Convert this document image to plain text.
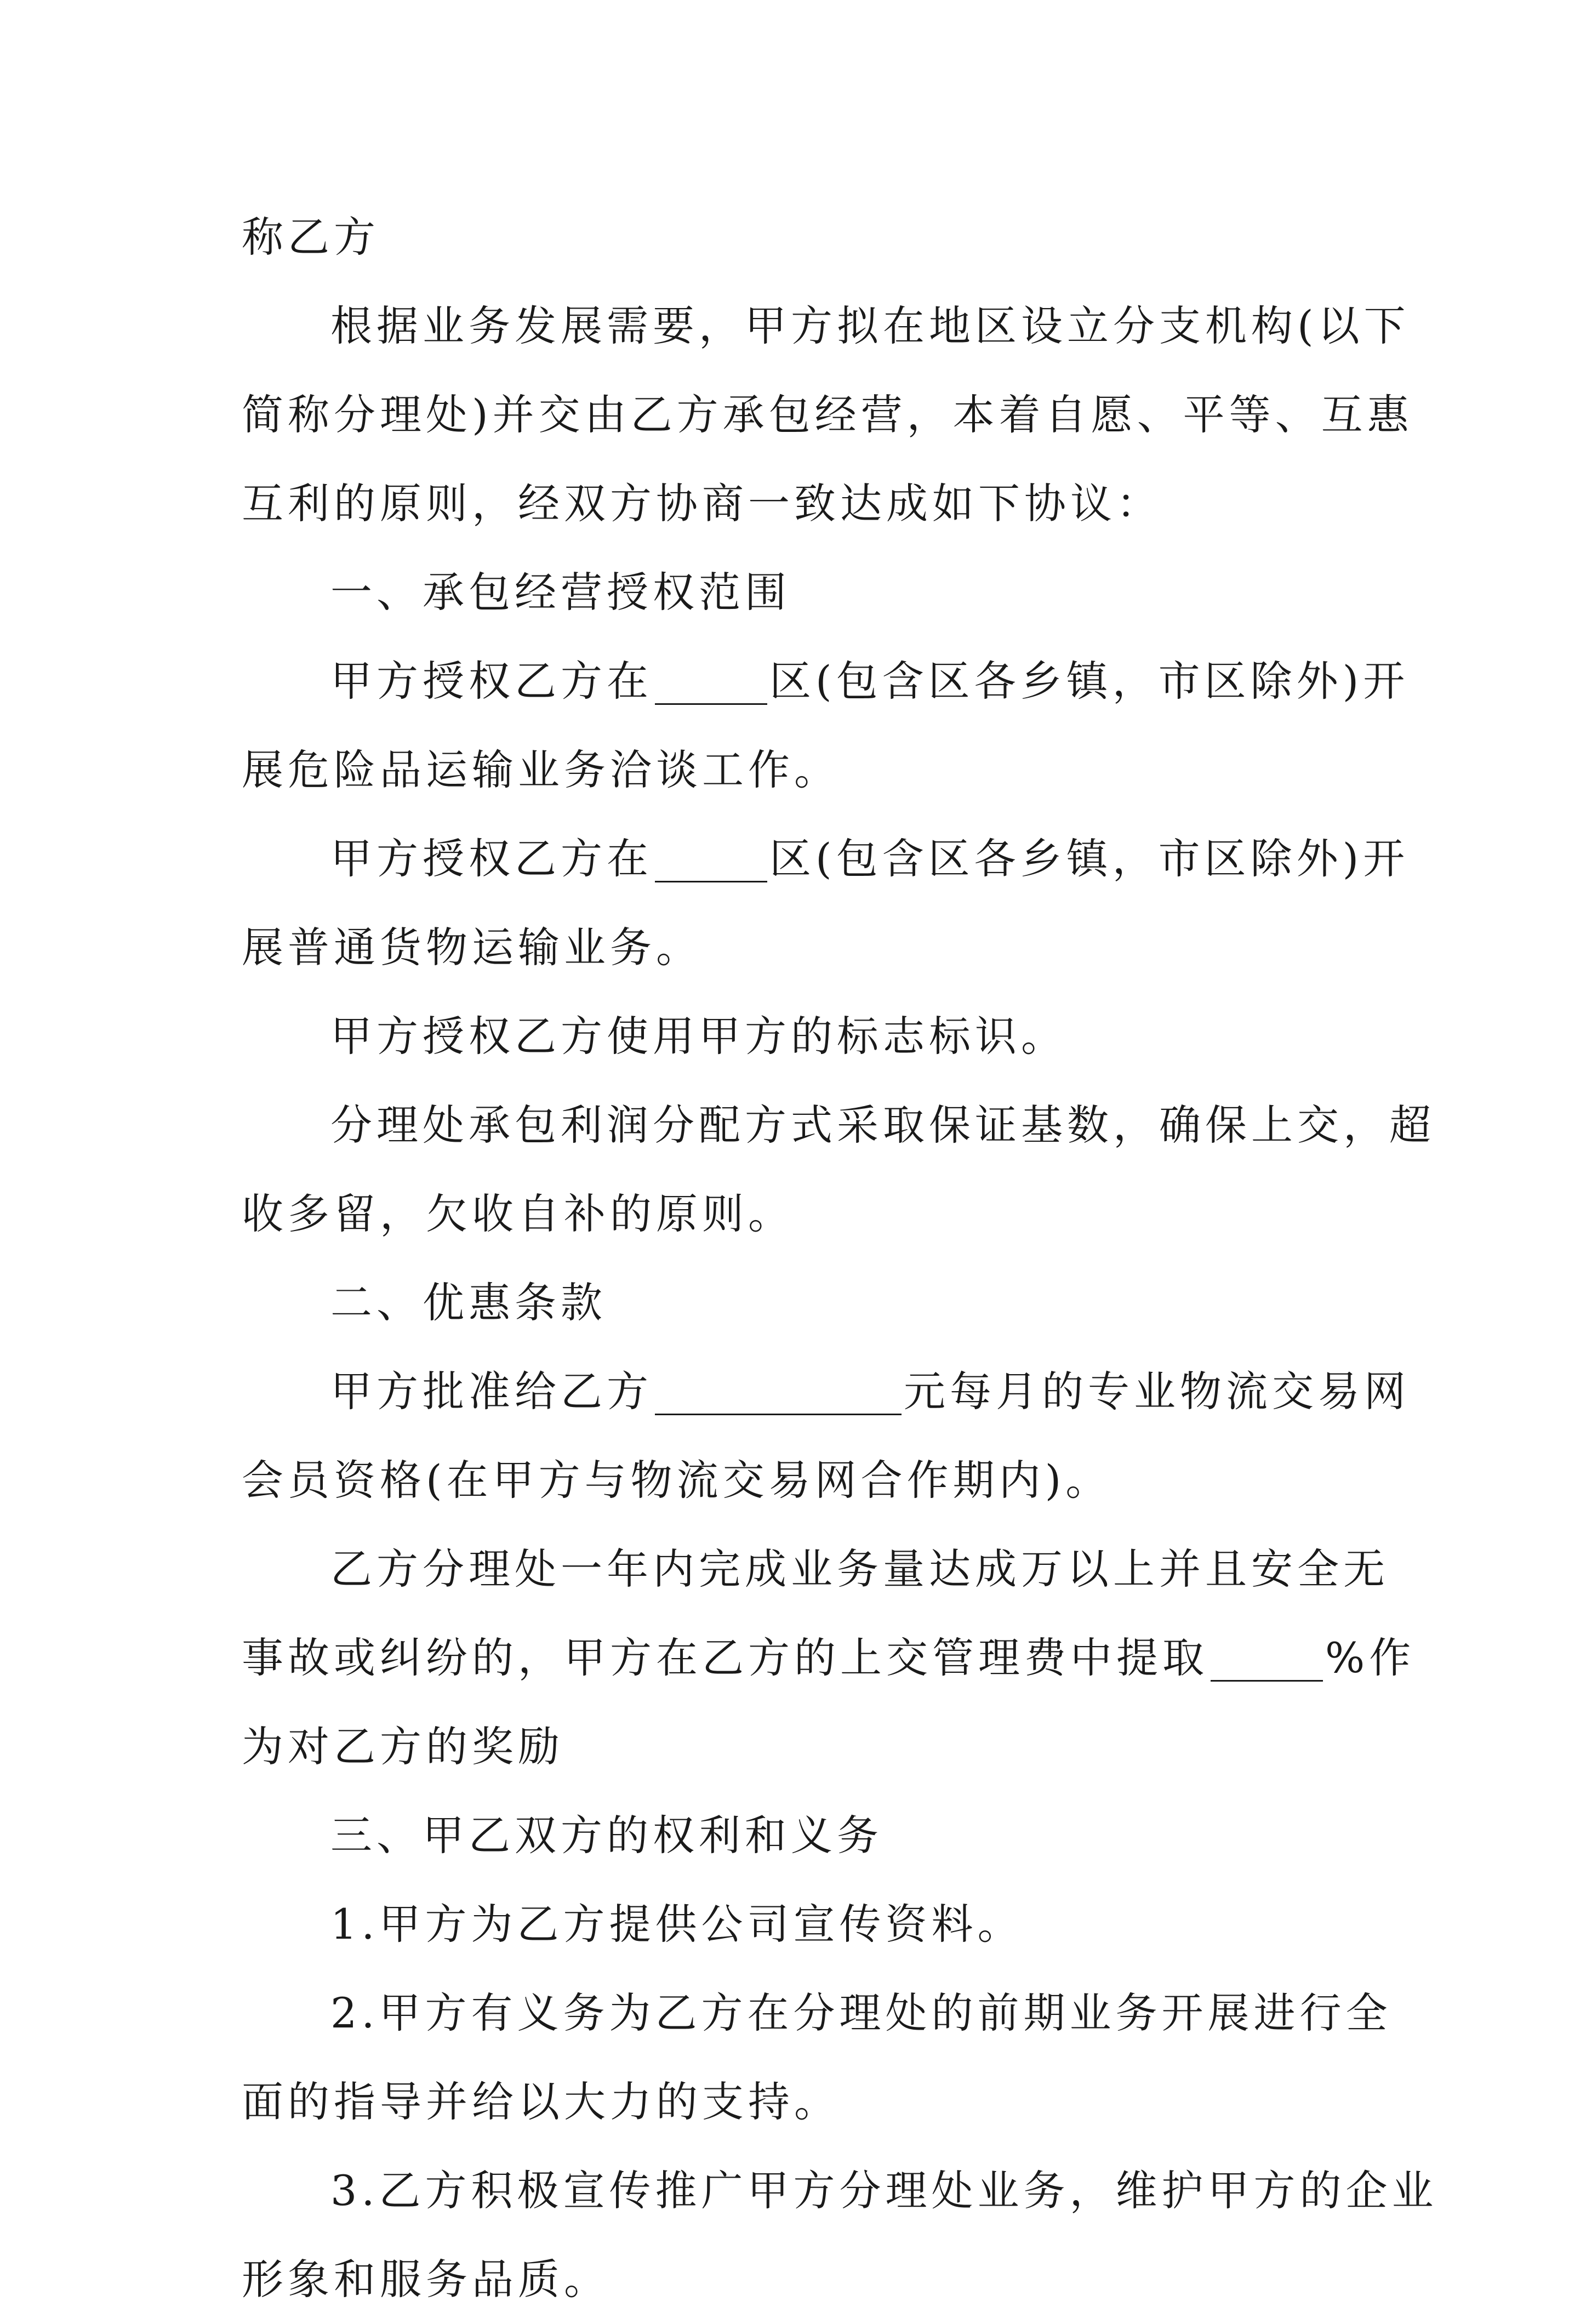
称乙方
根据业务发展需要，甲方拟在地区设立分支机构(以下
简称分理处)并交由乙方承包经营，本着自愿、平等、互惠
互利的原则，经双方协商一致达成如下协议：
一、承包经营授权范围
甲方授权乙方在	区(包含区各乡镇，市区除外)开
展危险品运输业务洽谈工作。
甲方授权乙方在	区(包含区各乡镇，市区除外)开
展普通货物运输业务。
甲方授权乙方使用甲方的标志标识。
分理处承包利润分配方式采取保证基数，确保上交，超
收多留，欠收自补的原则。
二、优惠条款
甲方批准给乙方	元每月的专业物流交易网
会员资格(在甲方与物流交易网合作期内)。
乙方分理处一年内完成业务量达成万以上并且安全无
事故或纠纷的，甲方在乙方的上交管理费中提取	%作
为对乙方的奖励
三、甲乙双方的权利和义务
1.甲方为乙方提供公司宣传资料。
2.甲方有义务为乙方在分理处的前期业务开展进行全
面的指导并给以大力的支持。
3.乙方积极宣传推广甲方分理处业务，维护甲方的企业
形象和服务品质。
